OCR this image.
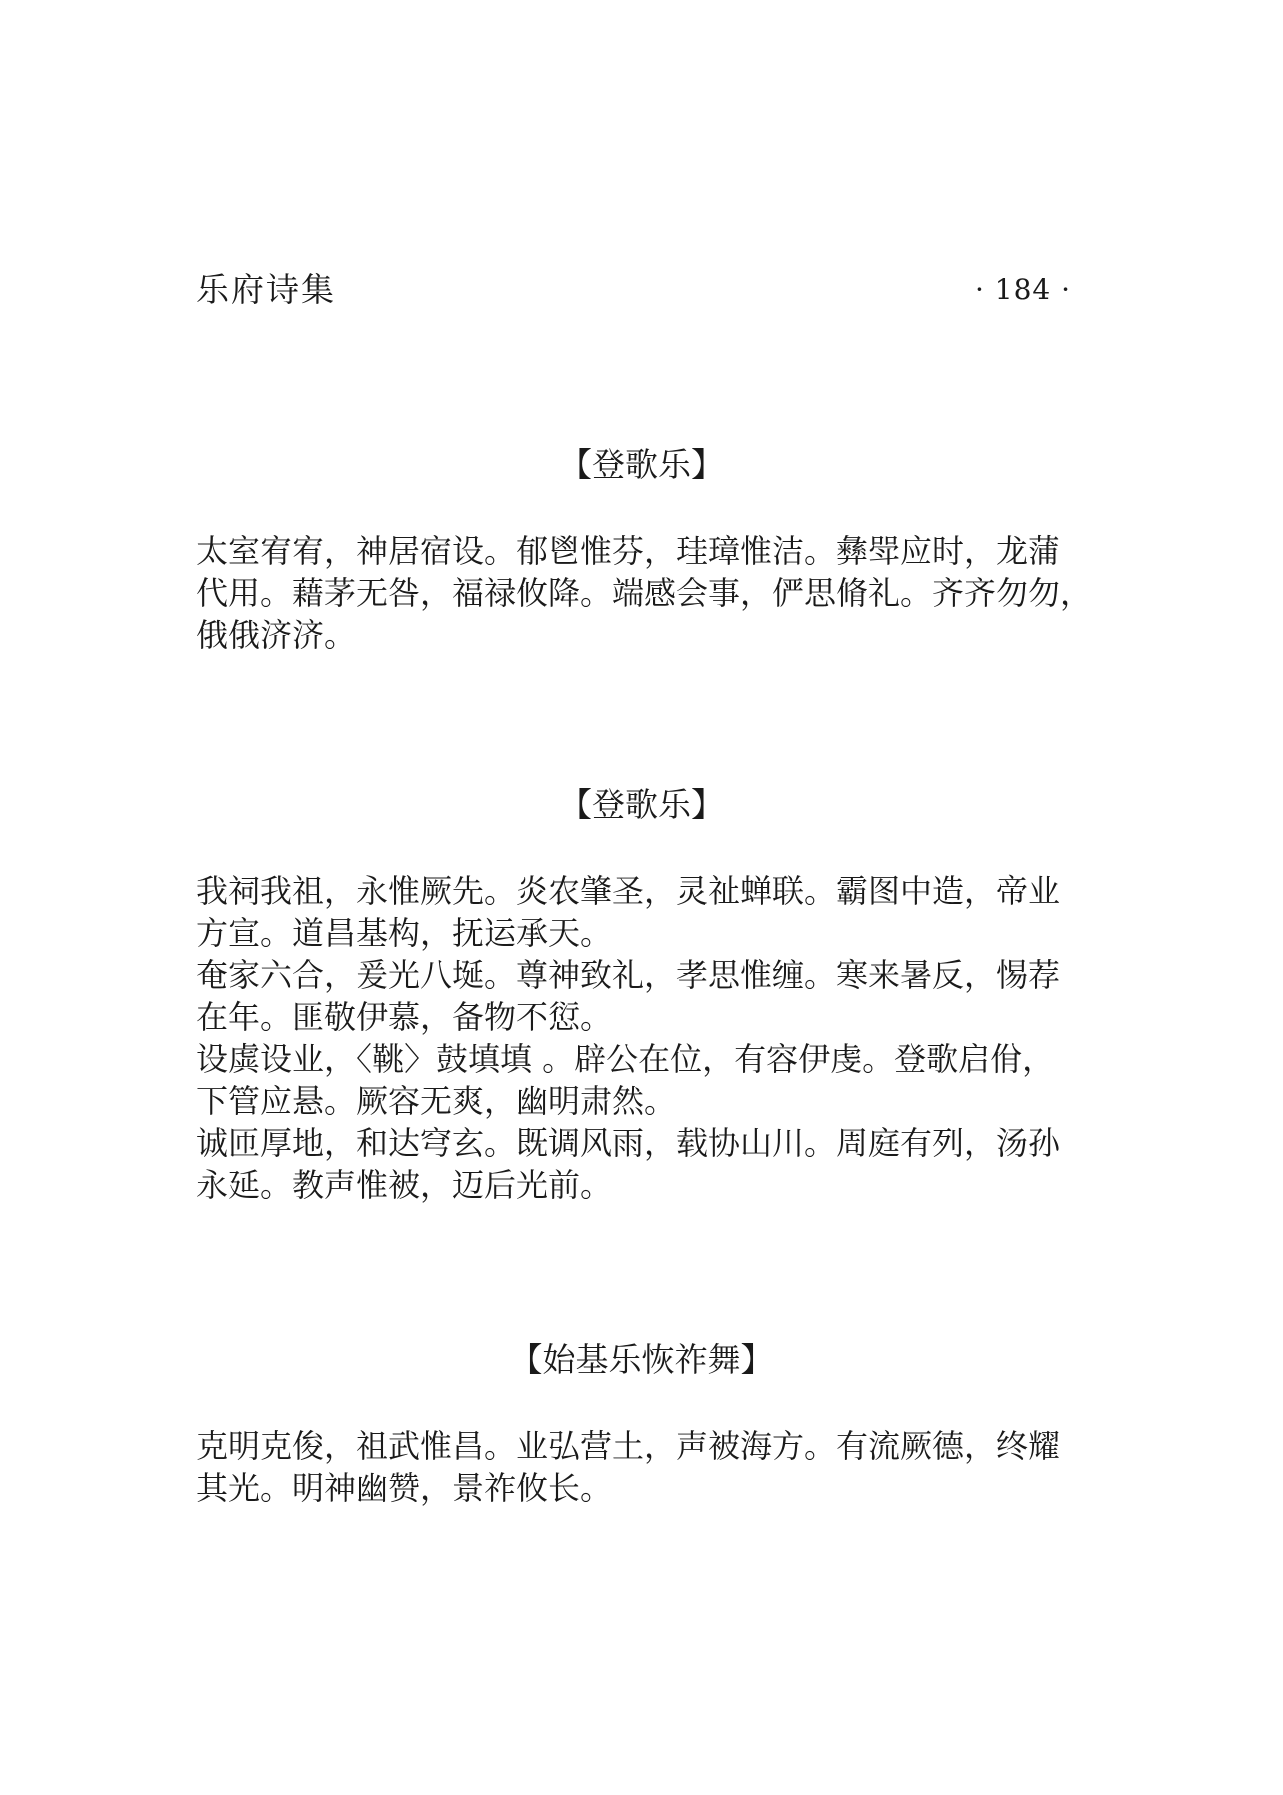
乐府诗集	· 184 ·
【登歌乐】

太室宥宥，神居宿设。郁鬯惟芬，珪璋惟洁。彝斝应时，龙蒲

代用。藉茅无咎，福禄攸降。端感会事，俨思脩礼。齐齐勿勿，

俄俄济济。

【登歌乐】

我祠我祖，永惟厥先。炎农肇圣，灵祉蝉联。霸图中造，帝业

方宣。道昌基构，抚运承天。

奄家六合，爰光八埏。尊神致礼，孝思惟缠。寒来暑反，惕荐

在年。匪敬伊慕，备物不愆。

设虡设业，〈鞉〉鼓填填 。辟公在位，有容伊虔。登歌启佾，

下管应悬。厥容无爽，幽明肃然。

诚匝厚地，和达穹玄。既调风雨，载协山川。周庭有列，汤孙

永延。教声惟被，迈后光前。

【始基乐恢祚舞】

克明克俊，祖武惟昌。业弘营土，声被海方。有流厥德，终耀

其光。明神幽赞，景祚攸长。
